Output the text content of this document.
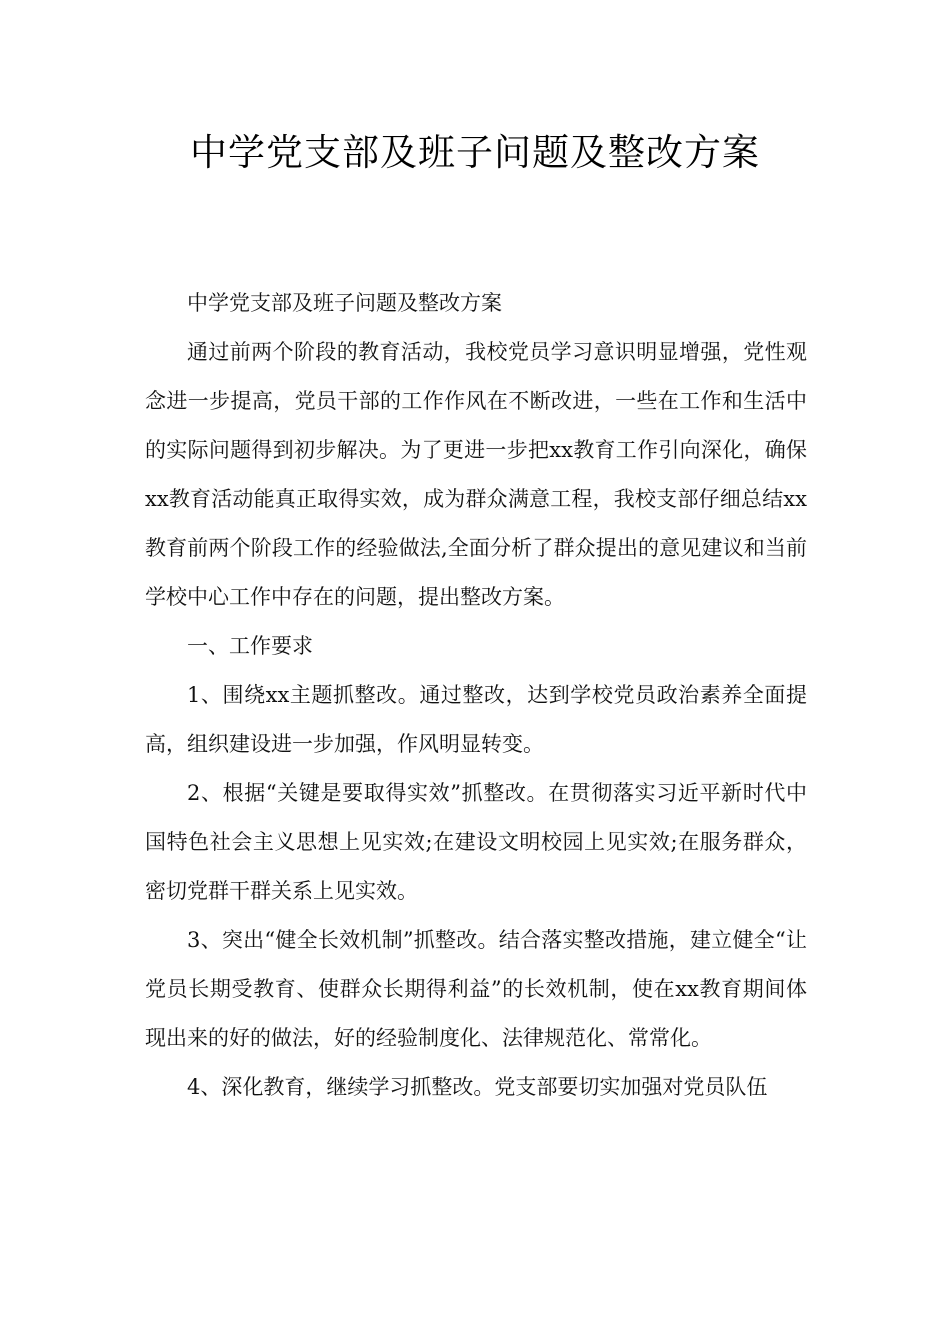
中学党支部及班子问题及整改方案

中学党支部及班子问题及整改方案

通过前两个阶段的教育活动，我校党员学习意识明显增强，党性观念进一步提高，党员干部的工作作风在不断改进，一些在工作和生活中的实际问题得到初步解决。为了更进一步把xx教育工作引向深化，确保xx教育活动能真正取得实效，成为群众满意工程，我校支部仔细总结xx教育前两个阶段工作的经验做法,全面分析了群众提出的意见建议和当前学校中心工作中存在的问题，提出整改方案。

一、工作要求

1、围绕xx主题抓整改。通过整改，达到学校党员政治素养全面提高，组织建设进一步加强，作风明显转变。

2、根据“关键是要取得实效”抓整改。在贯彻落实习近平新时代中国特色社会主义思想上见实效;在建设文明校园上见实效;在服务群众，密切党群干群关系上见实效。

3、突出“健全长效机制”抓整改。结合落实整改措施，建立健全“让党员长期受教育、使群众长期得利益”的长效机制，使在xx教育期间体现出来的好的做法，好的经验制度化、法律规范化、常常化。

4、深化教育，继续学习抓整改。党支部要切实加强对党员队伍
